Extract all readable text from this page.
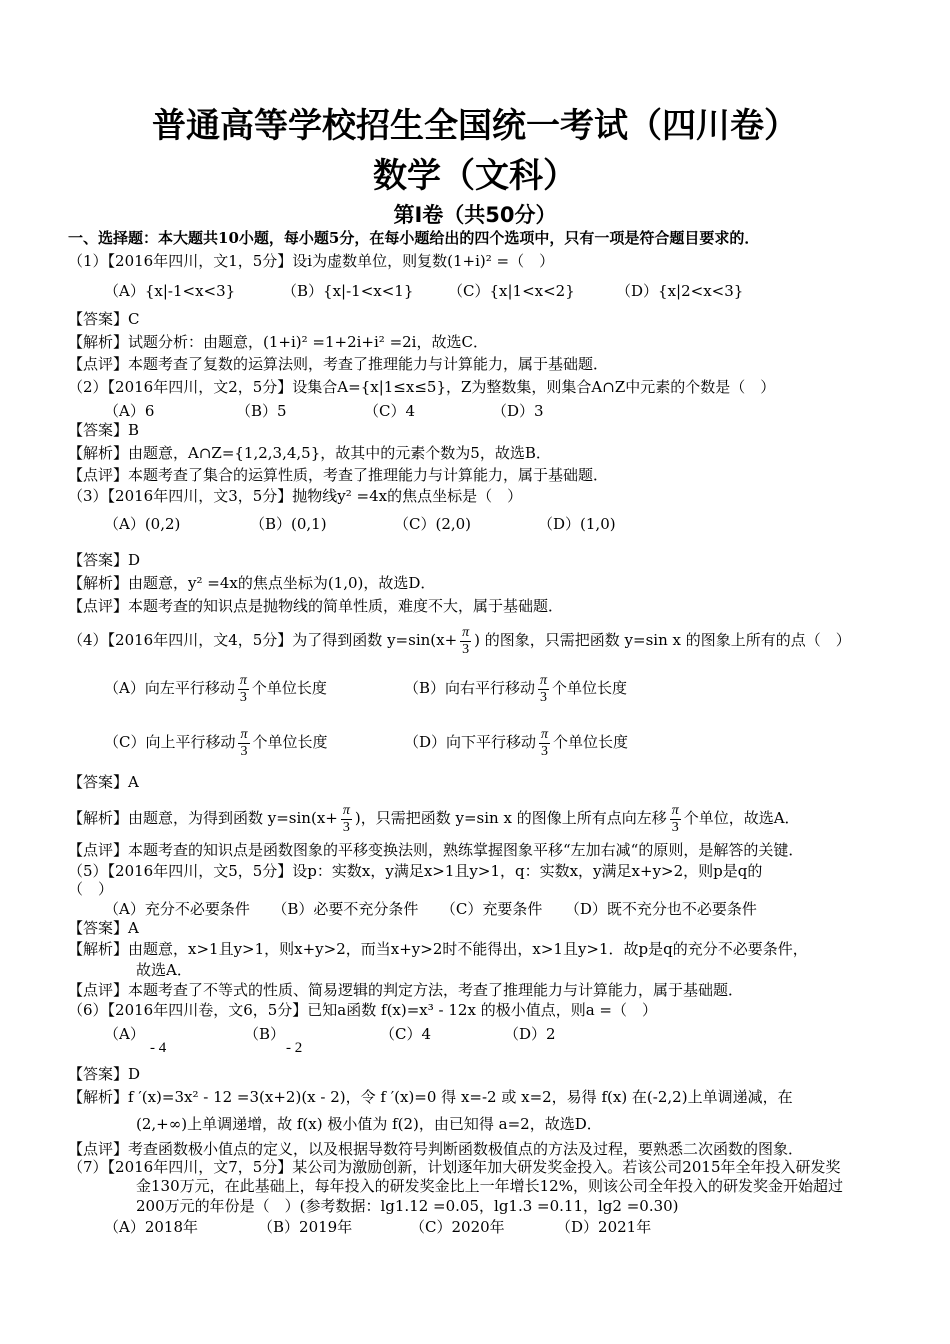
普通高等学校招生全国统一考试（四川卷）
数学（文科）
第Ⅰ卷（共50分）
一、选择题：本大题共10小题，每小题5分，在每小题给出的四个选项中，只有一项是符合题目要求的．
（1）【2016年四川，文1，5分】设i为虚数单位，则复数(1+i)² =（　）
（A）{x|-1<x<3}	（B）{x|-1<x<1} （C）{x|1<x<2}	（D）{x|2<x<3}
【答案】C
【解析】试题分析：由题意，(1+i)² =1+2i+i² =2i，故选C．
【点评】本题考查了复数的运算法则，考查了推理能力与计算能力，属于基础题．
（2）【2016年四川，文2，5分】设集合A={x|1≤x≤5}，Z为整数集，则集合A∩Z中元素的个数是（　）
（A）6	（B）5	（C）4	（D）3
【答案】B
【解析】由题意，A∩Z={1,2,3,4,5}，故其中的元素个数为5，故选B．
【点评】本题考查了集合的运算性质，考查了推理能力与计算能力，属于基础题．
（3）【2016年四川，文3，5分】抛物线y² =4x的焦点坐标是（　）
（A）(0,2)	（B）(0,1)	（C）(2,0)	（D）(1,0)
【答案】D
【解析】由题意，y² =4x的焦点坐标为(1,0)，故选D．
【点评】本题考查的知识点是抛物线的简单性质，难度不大，属于基础题．
（4）【2016年四川，文4，5分】为了得到函数 $y=\sin(x+ \frac{\pi}{3}$ ) 的图象，只需把函数 y=sin x 的图象上所有的点（　）
（A）向左平行移动 $\frac{\pi}{3}$ 个单位长度	（B）向右平行移动 $\frac{\pi}{3}$ 个单位长度
（C）向上平行移动 $\frac{\pi}{3}$ 个单位长度	（D）向下平行移动 $\frac{\pi}{3}$ 个单位长度
【答案】A
【解析】由题意，为得到函数 $y=\sin(x+ \frac{\pi}{3}$ )，只需把函数 y=sin x 的图像上所有点向左移 $\frac{\pi}{3}$ 个单位，故选A．
【点评】本题考查的知识点是函数图象的平移变换法则，熟练掌握图象平移“左加右减“的原则，是解答的关键．
（5）【2016年四川，文5，5分】设p：实数x，y满足x>1且y>1，q：实数x，y满足x+y>2，则p是q的
（　）
（A）充分不必要条件　　（B）必要不充分条件　　（C）充要条件　　（D）既不充分也不必要条件
【答案】A
【解析】由题意，x>1且y>1，则x+y>2，而当x+y>2时不能得出，x>1且y>1．故p是q的充分不必要条件，
故选A．
【点评】本题考查了不等式的性质、简易逻辑的判定方法，考查了推理能力与计算能力，属于基础题．
（6）【2016年四川卷，文6，5分】已知a函数 f(x)=x³ - 12x 的极小值点，则a =（　）
（A）
- 4
（B）
- 2
（C）4	（D）2
【答案】D
【解析】f ′(x)=3x² - 12 =3(x+2)(x - 2)，令 f ′(x)=0 得 x=-2 或 x=2，易得 f(x) 在(-2,2)上单调递减，在
(2,+∞)上单调递增，故 f(x) 极小值为 f(2)，由已知得 a=2，故选D．
【点评】考查函数极小值点的定义，以及根据导数符号判断函数极值点的方法及过程，要熟悉二次函数的图象．
（7）【2016年四川，文7，5分】某公司为激励创新，计划逐年加大研发奖金投入。若该公司2015年全年投入研发奖
金130万元，在此基础上，每年投入的研发奖金比上一年增长12%，则该公司全年投入的研发奖金开始超过
200万元的年份是（　）(参考数据：lg1.12 =0.05，lg1.3 =0.11，lg2 =0.30)
（A）2018年	（B）2019年	（C）2020年	（D）2021年
